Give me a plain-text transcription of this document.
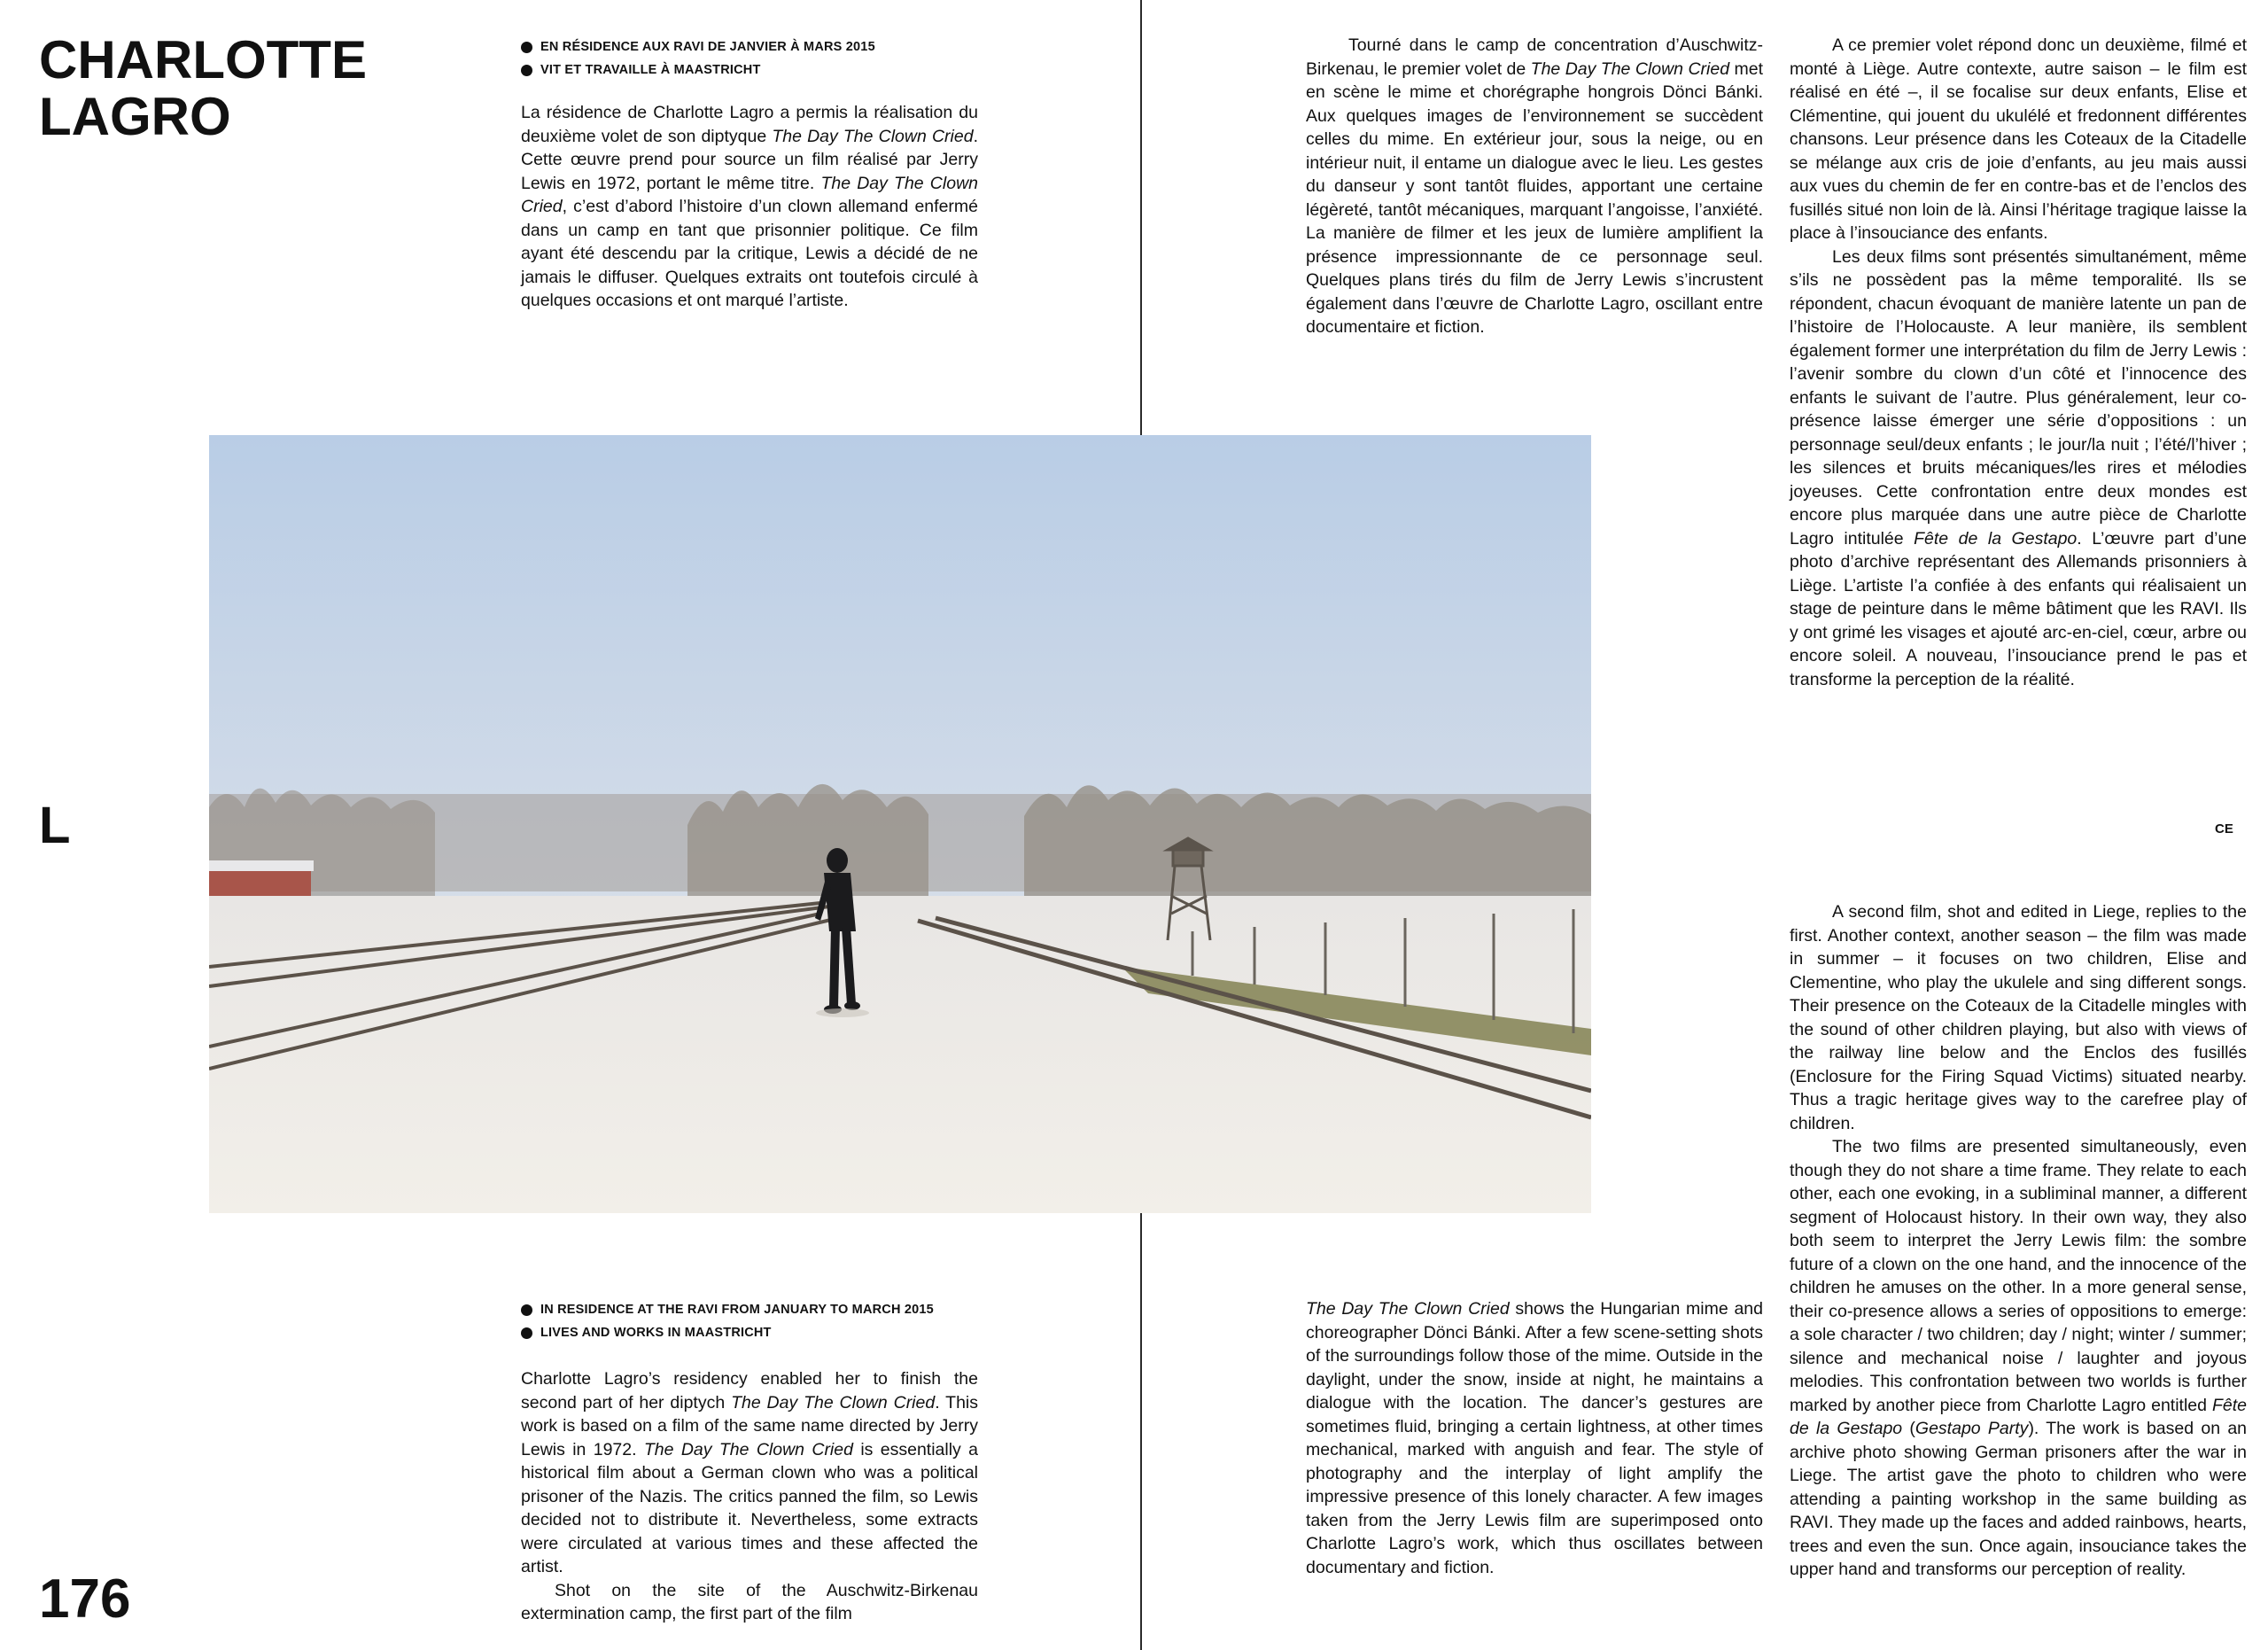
CHARLOTTE
LAGRO
L
176
EN RÉSIDENCE AUX RAVI DE JANVIER À MARS 2015
VIT ET TRAVAILLE À MAASTRICHT

La résidence de Charlotte Lagro a permis la réalisation du deuxième volet de son diptyque The Day The Clown Cried. Cette œuvre prend pour source un film réalisé par Jerry Lewis en 1972, portant le même titre. The Day The Clown Cried, c’est d’abord l’histoire d’un clown allemand enfermé dans un camp en tant que prisonnier politique. Ce film ayant été descendu par la critique, Lewis a décidé de ne jamais le diffuser. Quelques extraits ont toutefois circulé à quelques occasions et ont marqué l’artiste.

Tourné dans le camp de concentration d’Auschwitz-Birkenau, le premier volet de The Day The Clown Cried met en scène le mime et chorégraphe hongrois Dönci Bánki. Aux quelques images de l’environnement se succèdent celles du mime. En extérieur jour, sous la neige, ou en intérieur nuit, il entame un dialogue avec le lieu. Les gestes du danseur y sont tantôt fluides, apportant une certaine légèreté, tantôt mécaniques, marquant l’angoisse, l’anxiété. La manière de filmer et les jeux de lumière amplifient la présence impressionnante de ce personnage seul. Quelques plans tirés du film de Jerry Lewis s’incrustent également dans l’œuvre de Charlotte Lagro, oscillant entre documentaire et fiction.

A ce premier volet répond donc un deuxième, filmé et monté à Liège. Autre contexte, autre saison – le film est réalisé en été –, il se focalise sur deux enfants, Elise et Clémentine, qui jouent du ukulélé et fredonnent différentes chansons. Leur présence dans les Coteaux de la Citadelle se mélange aux cris de joie d’enfants, au jeu mais aussi aux vues du chemin de fer en contre-bas et de l’enclos des fusillés situé non loin de là. Ainsi l’héritage tragique laisse la place à l’insouciance des enfants.

Les deux films sont présentés simultanément, même s’ils ne possèdent pas la même temporalité. Ils se répondent, chacun évoquant de manière latente un pan de l’histoire de l’Holocauste. A leur manière, ils semblent également former une interprétation du film de Jerry Lewis : l’avenir sombre du clown d’un côté et l’innocence des enfants le suivant de l’autre. Plus généralement, leur co-présence laisse émerger une série d’oppositions : un personnage seul/deux enfants ; le jour/la nuit ; l’été/l’hiver ; les silences et bruits mécaniques/les rires et mélodies joyeuses. Cette confrontation entre deux mondes est encore plus marquée dans une autre pièce de Charlotte Lagro intitulée Fête de la Gestapo. L’œuvre part d’une photo d’archive représentant des Allemands prisonniers à Liège. L’artiste l’a confiée à des enfants qui réalisaient un stage de peinture dans le même bâtiment que les RAVI. Ils y ont grimé les visages et ajouté arc-en-ciel, cœur, arbre ou encore soleil. A nouveau, l’insouciance prend le pas et transforme la perception de la réalité.

CE
IN RESIDENCE AT THE RAVI FROM JANUARY TO MARCH 2015
LIVES AND WORKS IN MAASTRICHT

Charlotte Lagro’s residency enabled her to finish the second part of her diptych The Day The Clown Cried. This work is based on a film of the same name directed by Jerry Lewis in 1972. The Day The Clown Cried is essentially a historical film about a German clown who was a political prisoner of the Nazis. The critics panned the film, so Lewis decided not to distribute it. Nevertheless, some extracts were circulated at various times and these affected the artist.

Shot on the site of the Auschwitz-Birkenau extermination camp, the first part of the film

The Day The Clown Cried shows the Hungarian mime and choreographer Dönci Bánki. After a few scene-setting shots of the surroundings follow those of the mime. Outside in the daylight, under the snow, inside at night, he maintains a dialogue with the location. The dancer’s gestures are sometimes fluid, bringing a certain lightness, at other times mechanical, marked with anguish and fear. The style of photography and the interplay of light amplify the impressive presence of this lonely character. A few images taken from the Jerry Lewis film are superimposed onto Charlotte Lagro’s work, which thus oscillates between documentary and fiction.

A second film, shot and edited in Liege, replies to the first. Another context, another season – the film was made in summer – it focuses on two children, Elise and Clementine, who play the ukulele and sing different songs. Their presence on the Coteaux de la Citadelle mingles with the sound of other children playing, but also with views of the railway line below and the Enclos des fusillés (Enclosure for the Firing Squad Victims) situated nearby. Thus a tragic heritage gives way to the carefree play of children.

The two films are presented simultaneously, even though they do not share a time frame. They relate to each other, each one evoking, in a subliminal manner, a different segment of Holocaust history. In their own way, they also both seem to interpret the Jerry Lewis film: the sombre future of a clown on the one hand, and the innocence of the children he amuses on the other. In a more general sense, their co-presence allows a series of oppositions to emerge: a sole character / two children; day / night; winter / summer; silence and mechanical noise / laughter and joyous melodies. This confrontation between two worlds is further marked by another piece from Charlotte Lagro entitled Fête de la Gestapo (Gestapo Party). The work is based on an archive photo showing German prisoners after the war in Liege. The artist gave the photo to children who were attending a painting workshop in the same building as RAVI. They made up the faces and added rainbows, hearts, trees and even the sun. Once again, insouciance takes the upper hand and transforms our perception of reality.
